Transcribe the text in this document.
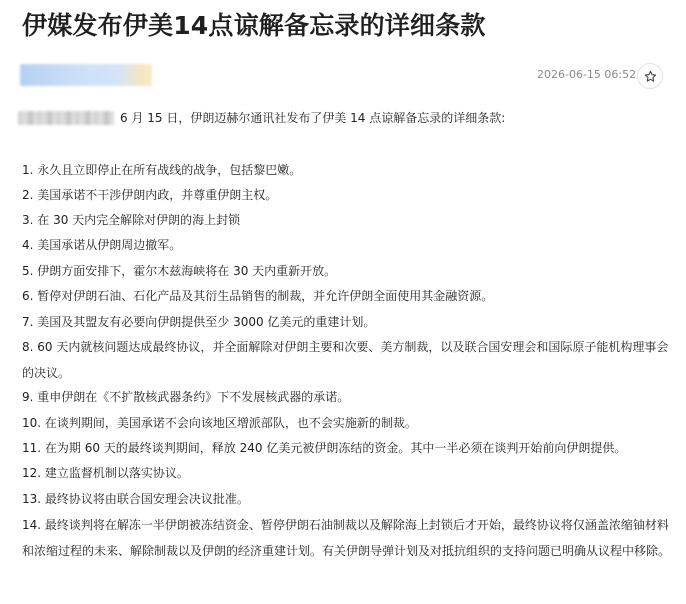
伊媒发布伊美14点谅解备忘录的详细条款
2026-06-15 06:52

6 月 15 日，伊朗迈赫尔通讯社发布了伊美 14 点谅解备忘录的详细条款:

1. 永久且立即停止在所有战线的战争，包括黎巴嫩。

2. 美国承诺不干涉伊朗内政，并尊重伊朗主权。

3. 在 30 天内完全解除对伊朗的海上封锁

4. 美国承诺从伊朗周边撤军。

5. 伊朗方面安排下，霍尔木兹海峡将在 30 天内重新开放。

6. 暂停对伊朗石油、石化产品及其衍生品销售的制裁，并允许伊朗全面使用其金融资源。

7. 美国及其盟友有必要向伊朗提供至少 3000 亿美元的重建计划。

8. 60 天内就核问题达成最终协议，并全面解除对伊朗主要和次要、美方制裁，以及联合国安理会和国际原子能机构理事会的决议。

9. 重申伊朗在《不扩散核武器条约》下不发展核武器的承诺。

10. 在谈判期间，美国承诺不会向该地区增派部队，也不会实施新的制裁。

11. 在为期 60 天的最终谈判期间，释放 240 亿美元被伊朗冻结的资金。其中一半必须在谈判开始前向伊朗提供。

12. 建立监督机制以落实协议。

13. 最终协议将由联合国安理会决议批准。

14. 最终谈判将在解冻一半伊朗被冻结资金、暂停伊朗石油制裁以及解除海上封锁后才开始，最终协议将仅涵盖浓缩铀材料和浓缩过程的未来、解除制裁以及伊朗的经济重建计划。有关伊朗导弹计划及对抵抗组织的支持问题已明确从议程中移除。
